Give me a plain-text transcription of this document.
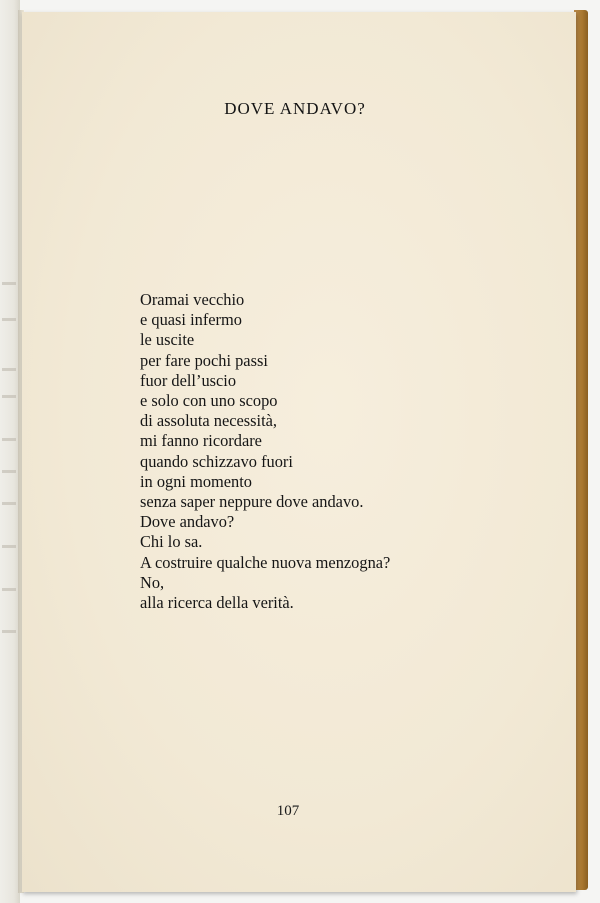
DOVE ANDAVO?
Oramai vecchio
e quasi infermo
le uscite
per fare pochi passi
fuor dell’uscio
e solo con uno scopo
di assoluta necessità,
mi fanno ricordare
quando schizzavo fuori
in ogni momento
senza saper neppure dove andavo.
Dove andavo?
Chi lo sa.
A costruire qualche nuova menzogna?
No,
alla ricerca della verità.
107
